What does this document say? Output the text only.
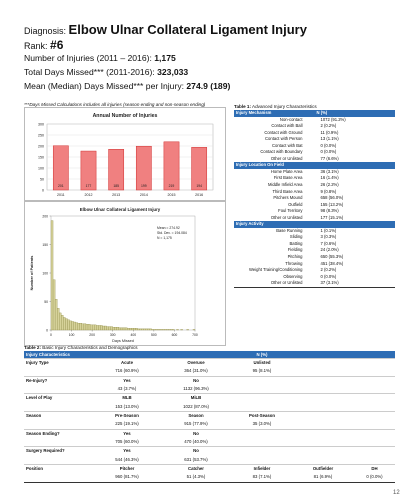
Diagnosis: Elbow Ulnar Collateral Ligament Injury
Rank: #6
Number of Injuries (2011 – 2016): 1,175
Total Days Missed*** (2011-2016): 323,033
Mean (Median) Days Missed*** per Injury: 274.9 (189)
***Days Missed Calculations includes all injuries (season ending and non-season ending)
Annual Number of Injuries
0
50
100
150
200
250
300
201
2011
177
2012
185
2013
199
2014
219
2015
194
2016
Elbow Ulnar Collateral Ligament Injury
0
50
100
150
200
0	100	200	300	400	500	600	700
Days Missed
Number of Patients
Mean = 274.92
Std. Dev. = 194.084
N = 1,175
Table 1: Advanced Injury Characteristics
Injury Mechanism	N (%)
Non-contact	1072 (91.2%)
Contact with Ball	2 (0.2%)
Contact with Ground	11 (0.9%)
Contact with Person	13 (1.1%)
Contact with Bat	0 (0.0%)
Contact with Boundary	0 (0.0%)
Other or Unlisted	77 (6.6%)
Injury Location On Field	
Home Plate Area	36 (3.1%)
First Base Area	16 (1.4%)
Middle Infield Area	26 (2.2%)
Third Base Area	9 (0.8%)
Pitchers Mound	658 (56.0%)
Outfield	155 (13.2%)
Foul Territory	98 (8.3%)
Other or Unlisted	177 (15.1%)
Injury Activity	
Base Running	1 (0.1%)
Sliding	3 (0.3%)
Batting	7 (0.6%)
Fielding	24 (2.0%)
Pitching	650 (55.3%)
Throwing	451 (38.4%)
Weight Training/Conditioning	2 (0.2%)
Observing	0 (0.0%)
Other or Unlisted	37 (3.1%)
Table 2: Basic Injury Characteristics and Demographics
Injury Characteristics			N (%)		
Injury Type	Acute	Overuse	Unlisted		
	716 (60.9%)	364 (31.0%)	95 (8.1%)		
Re-Injury?	Yes	No			
	43 (3.7%)	1132 (96.3%)			
Level of Play	MLB	MiLB			
	153 (13.0%)	1022 (87.0%)			
Season	Pre-Season	Season	Post-Season		
	225 (19.1%)	915 (77.9%)	35 (3.0%)		
Season Ending?	Yes	No			
	705 (60.0%)	470 (40.0%)			
Surgery Required?	Yes	No			
	544 (46.3%)	631 (53.7%)			
Position	Pitcher	Catcher	Infielder	Outfielder	DH
	960 (81.7%)	51 (4.3%)	83 (7.1%)	81 (6.9%)	0 (0.0%)
12
